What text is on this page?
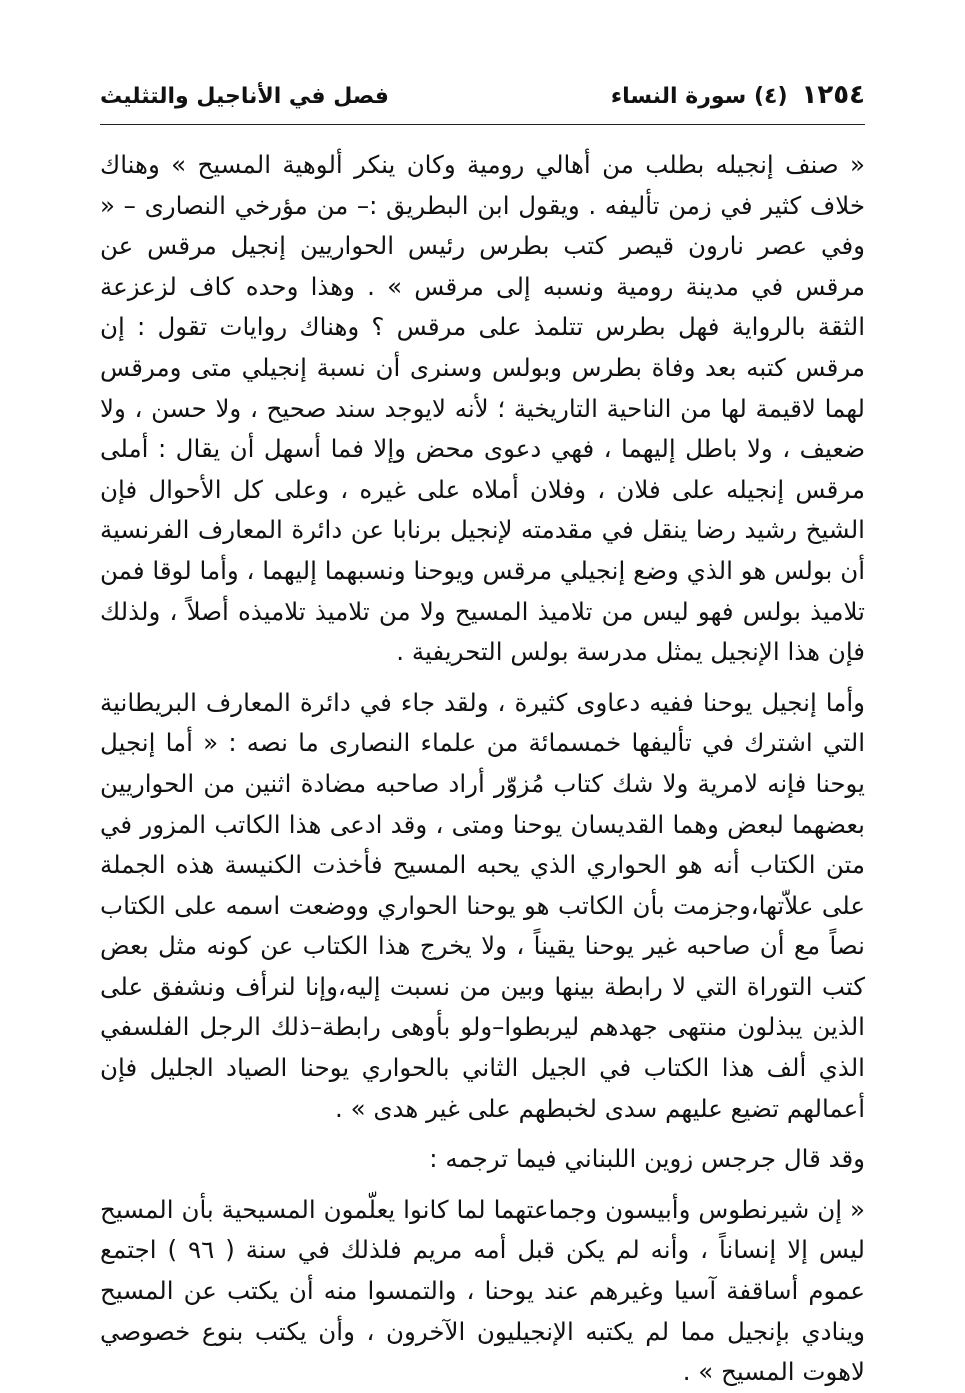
١٢٥٤
(٤) سورة النساء
فصل في الأناجيل والتثليث

« صنف إنجيله بطلب من أهالي رومية وكان ينكر ألوهية المسيح » وهناك خلاف كثير في زمن تأليفه . ويقول ابن البطريق :– من مؤرخي النصارى – « وفي عصر نارون قيصر كتب بطرس رئيس الحواريين إنجيل مرقس عن مرقس في مدينة رومية ونسبه إلى مرقس » . وهذا وحده كاف لزعزعة الثقة بالرواية فهل بطرس تتلمذ على مرقس ؟ وهناك روايات تقول : إن مرقس كتبه بعد وفاة بطرس وبولس وسنرى أن نسبة إنجيلي متى ومرقس لهما لاقيمة لها من الناحية التاريخية ؛ لأنه لايوجد سند صحيح ، ولا حسن ، ولا ضعيف ، ولا باطل إليهما ، فهي دعوى محض وإلا فما أسهل أن يقال : أملى مرقس إنجيله على فلان ، وفلان أملاه على غيره ، وعلى كل الأحوال فإن الشيخ رشيد رضا ينقل في مقدمته لإنجيل برنابا عن دائرة المعارف الفرنسية أن بولس هو الذي وضع إنجيلي مرقس ويوحنا ونسبهما إليهما ، وأما لوقا فمن تلاميذ بولس فهو ليس من تلاميذ المسيح ولا من تلاميذ تلاميذه أصلاً ، ولذلك فإن هذا الإنجيل يمثل مدرسة بولس التحريفية .

وأما إنجيل يوحنا ففيه دعاوى كثيرة ، ولقد جاء في دائرة المعارف البريطانية التي اشترك في تأليفها خمسمائة من علماء النصارى ما نصه : « أما إنجيل يوحنا فإنه لامرية ولا شك كتاب مُزوّر أراد صاحبه مضادة اثنين من الحواريين بعضهما لبعض وهما القديسان يوحنا ومتى ، وقد ادعى هذا الكاتب المزور في متن الكتاب أنه هو الحواري الذي يحبه المسيح فأخذت الكنيسة هذه الجملة على علاّتها،وجزمت بأن الكاتب هو يوحنا الحواري ووضعت اسمه على الكتاب نصاً مع أن صاحبه غير يوحنا يقيناً ، ولا يخرج هذا الكتاب عن كونه مثل بعض كتب التوراة التي لا رابطة بينها وبين من نسبت إليه،وإنا لنرأف ونشفق على الذين يبذلون منتهى جهدهم ليربطوا–ولو بأوهى رابطة–ذلك الرجل الفلسفي الذي ألف هذا الكتاب في الجيل الثاني بالحواري يوحنا الصياد الجليل فإن أعمالهم تضيع عليهم سدى لخبطهم على غير هدى » .

وقد قال جرجس زوين اللبناني فيما ترجمه :

« إن شيرنطوس وأبيسون وجماعتهما لما كانوا يعلّمون المسيحية بأن المسيح ليس إلا إنساناً ، وأنه لم يكن قبل أمه مريم فلذلك في سنة ( ٩٦ ) اجتمع عموم أساقفة آسيا وغيرهم عند يوحنا ، والتمسوا منه أن يكتب عن المسيح وينادي بإنجيل مما لم يكتبه الإنجيليون الآخرون ، وأن يكتب بنوع خصوصي لاهوت المسيح » .
